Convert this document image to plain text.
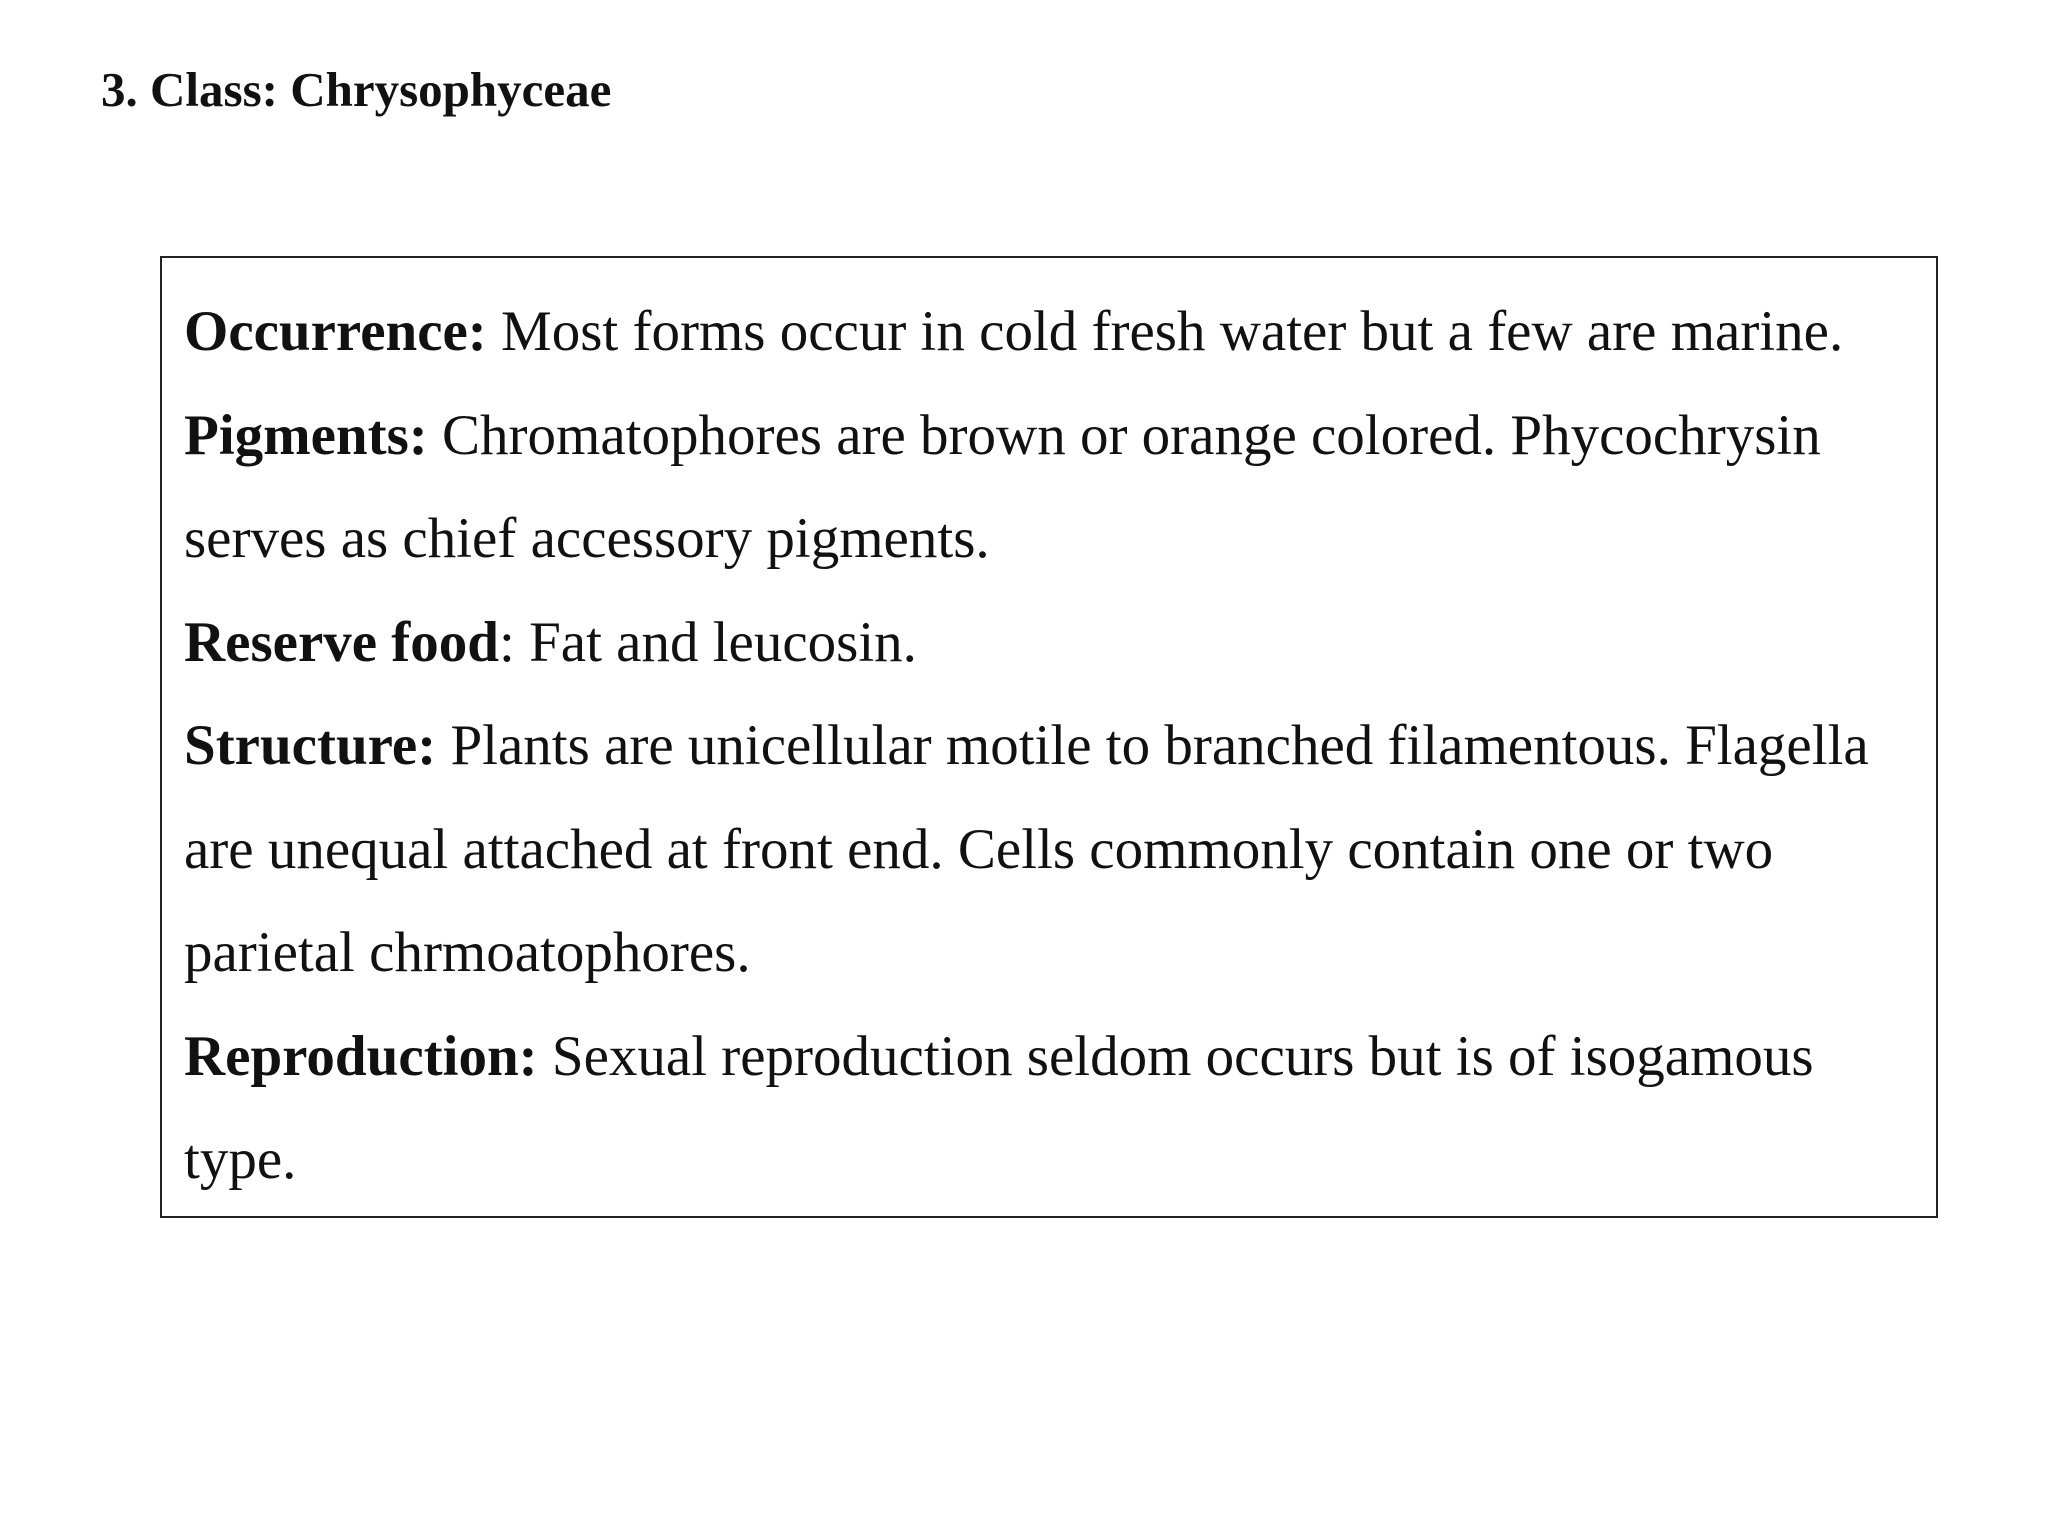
3. Class: Chrysophyceae

Occurrence: Most forms occur in cold fresh water but a few are marine.

Pigments: Chromatophores are brown or orange colored. Phycochrysin serves as chief accessory pigments.

Reserve food: Fat and leucosin.

Structure: Plants are unicellular motile to branched filamentous. Flagella are unequal attached at front end. Cells commonly contain one or two parietal chrmoatophores.

Reproduction: Sexual reproduction seldom occurs but is of isogamous type.
